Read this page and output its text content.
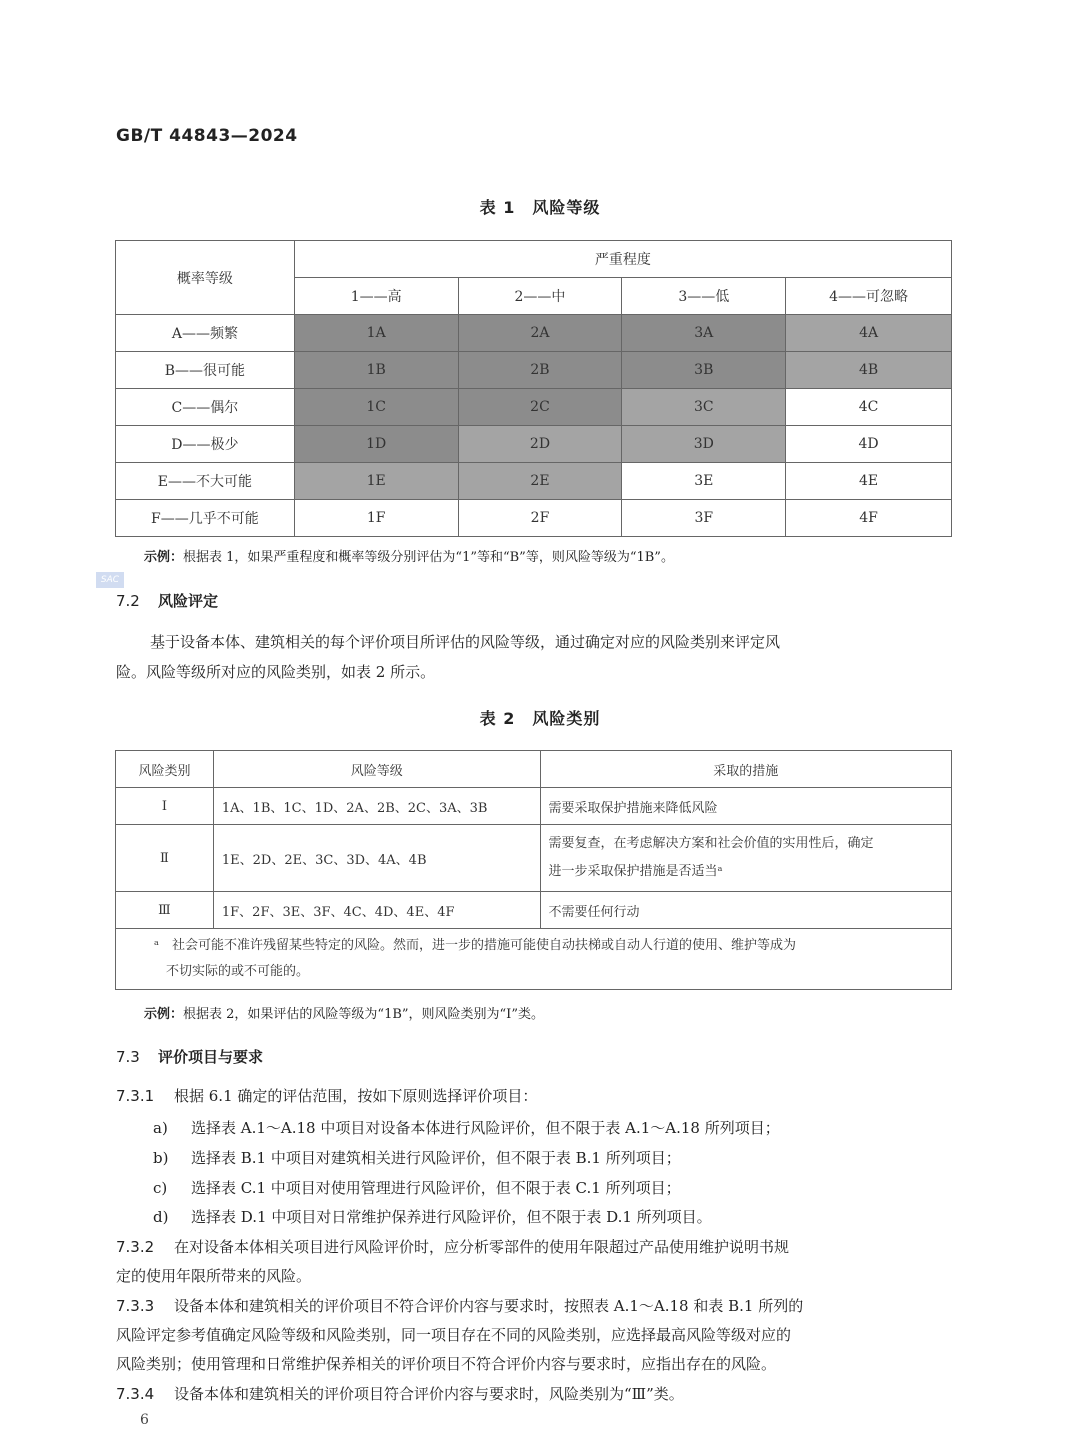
GB/T 44843—2024
表 1　风险等级
概率等级	严重程度			
	1——高	2——中	3——低	4——可忽略
A——频繁	1A	2A	3A	4A
B——很可能	1B	2B	3B	4B
C——偶尔	1C	2C	3C	4C
D——极少	1D	2D	3D	4D
E——不大可能	1E	2E	3E	4E
F——几乎不可能	1F	2F	3F	4F
示例：根据表 1，如果严重程度和概率等级分别评估为“1”等和“B”等，则风险等级为“1B”。
SAC
7.2 风险评定
基于设备本体、建筑相关的每个评价项目所评估的风险等级，通过确定对应的风险类别来评定风
险。风险等级所对应的风险类别，如表 2 所示。
表 2　风险类别
风险类别	风险等级	采取的措施
Ⅰ	1A、1B、1C、1D、2A、2B、2C、3A、3B	需要采取保护措施来降低风险
Ⅱ	1E、2D、2E、3C、3D、4A、4B	需要复查，在考虑解决方案和社会价值的实用性后，确定
进一步采取保护措施是否适当ᵃ

Ⅲ	1F、2F、3E、3F、4C、4D、4E、4F	不需要任何行动

ᵃ　社会可能不准许残留某些特定的风险。然而，进一步的措施可能使自动扶梯或自动人行道的使用、维护等成为
不切实际的或不可能的。		
示例：根据表 2，如果评估的风险等级为“1B”，则风险类别为“Ⅰ”类。
7.3 评价项目与要求
7.3.1 根据 6.1 确定的评估范围，按如下原则选择评价项目：
a) 选择表 A.1～A.18 中项目对设备本体进行风险评价，但不限于表 A.1～A.18 所列项目；
b) 选择表 B.1 中项目对建筑相关进行风险评价，但不限于表 B.1 所列项目；
c) 选择表 C.1 中项目对使用管理进行风险评价，但不限于表 C.1 所列项目；
d) 选择表 D.1 中项目对日常维护保养进行风险评价，但不限于表 D.1 所列项目。
7.3.2 在对设备本体相关项目进行风险评价时，应分析零部件的使用年限超过产品使用维护说明书规
定的使用年限所带来的风险。
7.3.3 设备本体和建筑相关的评价项目不符合评价内容与要求时，按照表 A.1～A.18 和表 B.1 所列的
风险评定参考值确定风险等级和风险类别，同一项目存在不同的风险类别，应选择最高风险等级对应的
风险类别；使用管理和日常维护保养相关的评价项目不符合评价内容与要求时，应指出存在的风险。
7.3.4 设备本体和建筑相关的评价项目符合评价内容与要求时，风险类别为“Ⅲ”类。
6
